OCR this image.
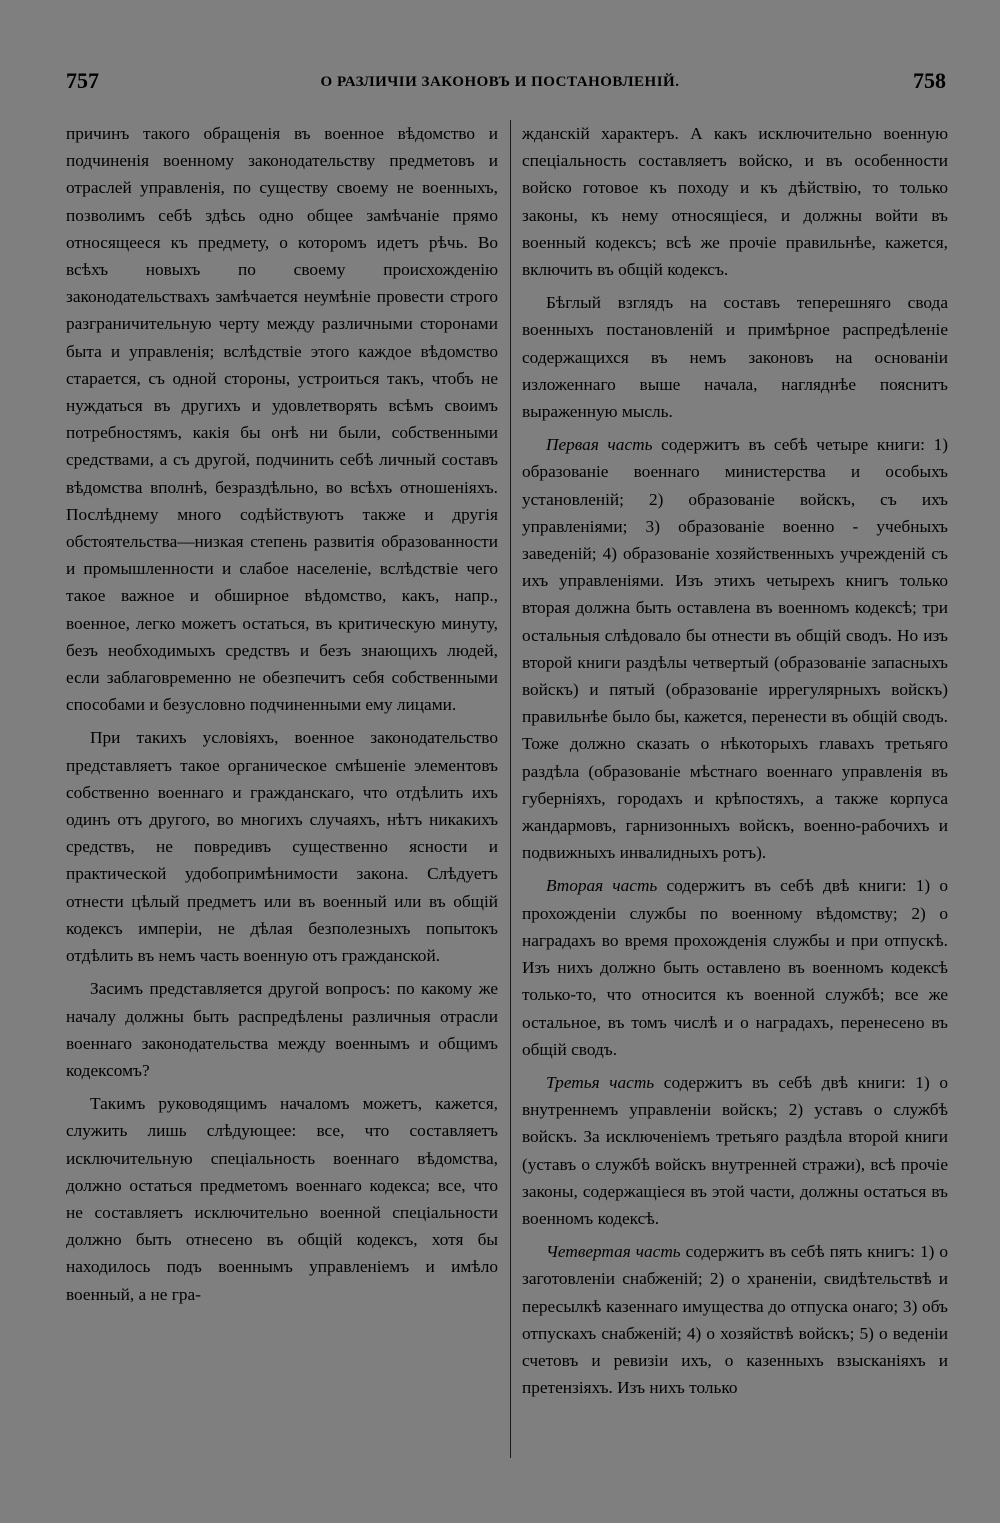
757	О РАЗЛИЧІИ ЗАКОНОВЪ И ПОСТАНОВЛЕНІЙ.	758

причинъ такого обращенія въ военное вѣдомство и подчиненія военному законодательству предметовъ и отраслей управленія, по существу своему не военныхъ, позволимъ себѣ здѣсь одно общее замѣчаніе прямо относящееся къ предмету, о которомъ идетъ рѣчь. Во всѣхъ новыхъ по своему происхожденію законодательствахъ замѣчается неумѣніе провести строго разграничительную черту между различными сторонами быта и управленія; вслѣдствіе этого каждое вѣдомство старается, съ одной стороны, устроиться такъ, чтобъ не нуждаться въ другихъ и удовлетворять всѣмъ своимъ потребностямъ, какія бы онѣ ни были, собственными средствами, а съ другой, подчинить себѣ личный составъ вѣдомства вполнѣ, безраздѣльно, во всѣхъ отношеніяхъ. Послѣднему много содѣйствуютъ также и другія обстоятельства—низкая степень развитія образованности и промышленности и слабое населеніе, вслѣдствіе чего такое важное и обширное вѣдомство, какъ, напр., военное, легко можетъ остаться, въ критическую минуту, безъ необходимыхъ средствъ и безъ знающихъ людей, если заблаговременно не обезпечитъ себя собственными способами и безусловно подчиненными ему лицами.

При такихъ условіяхъ, военное законодательство представляетъ такое органическое смѣшеніе элементовъ собственно военнаго и гражданскаго, что отдѣлить ихъ одинъ отъ другого, во многихъ случаяхъ, нѣтъ никакихъ средствъ, не повредивъ существенно ясности и практической удобопримѣнимости закона. Слѣдуетъ отнести цѣлый предметъ или въ военный или въ общій кодексъ имперіи, не дѣлая безполезныхъ попытокъ отдѣлить въ немъ часть военную отъ гражданской.

Засимъ представляется другой вопросъ: по какому же началу должны быть распредѣлены различныя отрасли военнаго законодательства между военнымъ и общимъ кодексомъ?

Такимъ руководящимъ началомъ можетъ, кажется, служить лишь слѣдующее: все, что составляетъ исключительную спеціальность военнаго вѣдомства, должно остаться предметомъ военнаго кодекса; все, что не составляетъ исключительно военной спеціальности должно быть отнесено въ общій кодексъ, хотя бы находилось подъ военнымъ управленіемъ и имѣло военный, а не гра-

жданскій характеръ. А какъ исключительно военную спеціальность составляетъ войско, и въ особенности войско готовое къ походу и къ дѣйствію, то только законы, къ нему относящіеся, и должны войти въ военный кодексъ; всѣ же прочіе правильнѣе, кажется, включить въ общій кодексъ.

Бѣглый взглядъ на составъ теперешняго свода военныхъ постановленій и примѣрное распредѣленіе содержащихся въ немъ законовъ на основаніи изложеннаго выше начала, нагляднѣе пояснитъ выраженную мысль.

Первая часть содержитъ въ себѣ четыре книги: 1) образованіе военнаго министерства и особыхъ установленій; 2) образованіе войскъ, съ ихъ управленіями; 3) образованіе военно - учебныхъ заведеній; 4) образованіе хозяйственныхъ учрежденій съ ихъ управленіями. Изъ этихъ четырехъ книгъ только вторая должна быть оставлена въ военномъ кодексѣ; три остальныя слѣдовало бы отнести въ общій сводъ. Но изъ второй книги раздѣлы четвертый (образованіе запасныхъ войскъ) и пятый (образованіе иррегулярныхъ войскъ) правильнѣе было бы, кажется, перенести въ общій сводъ. Тоже должно сказать о нѣкоторыхъ главахъ третьяго раздѣла (образованіе мѣстнаго военнаго управленія въ губерніяхъ, городахъ и крѣпостяхъ, а также корпуса жандармовъ, гарнизонныхъ войскъ, военно-рабочихъ и подвижныхъ инвалидныхъ ротъ).

Вторая часть содержитъ въ себѣ двѣ книги: 1) о прохожденіи службы по военному вѣдомству; 2) о наградахъ во время прохожденія службы и при отпускѣ. Изъ нихъ должно быть оставлено въ военномъ кодексѣ только-то, что относится къ военной службѣ; все же остальное, въ томъ числѣ и о наградахъ, перенесено въ общій сводъ.

Третья часть содержитъ въ себѣ двѣ книги: 1) о внутреннемъ управленіи войскъ; 2) уставъ о службѣ войскъ. За исключеніемъ третьяго раздѣла второй книги (уставъ о службѣ войскъ внутренней стражи), всѣ прочіе законы, содержащіеся въ этой части, должны остаться въ военномъ кодексѣ.

Четвертая часть содержитъ въ себѣ пять книгъ: 1) о заготовленіи снабженій; 2) о храненіи, свидѣтельствѣ и пересылкѣ казеннаго имущества до отпуска онаго; 3) объ отпускахъ снабженій; 4) о хозяйствѣ войскъ; 5) о веденіи счетовъ и ревизіи ихъ, о казенныхъ взысканіяхъ и претензіяхъ. Изъ нихъ только
